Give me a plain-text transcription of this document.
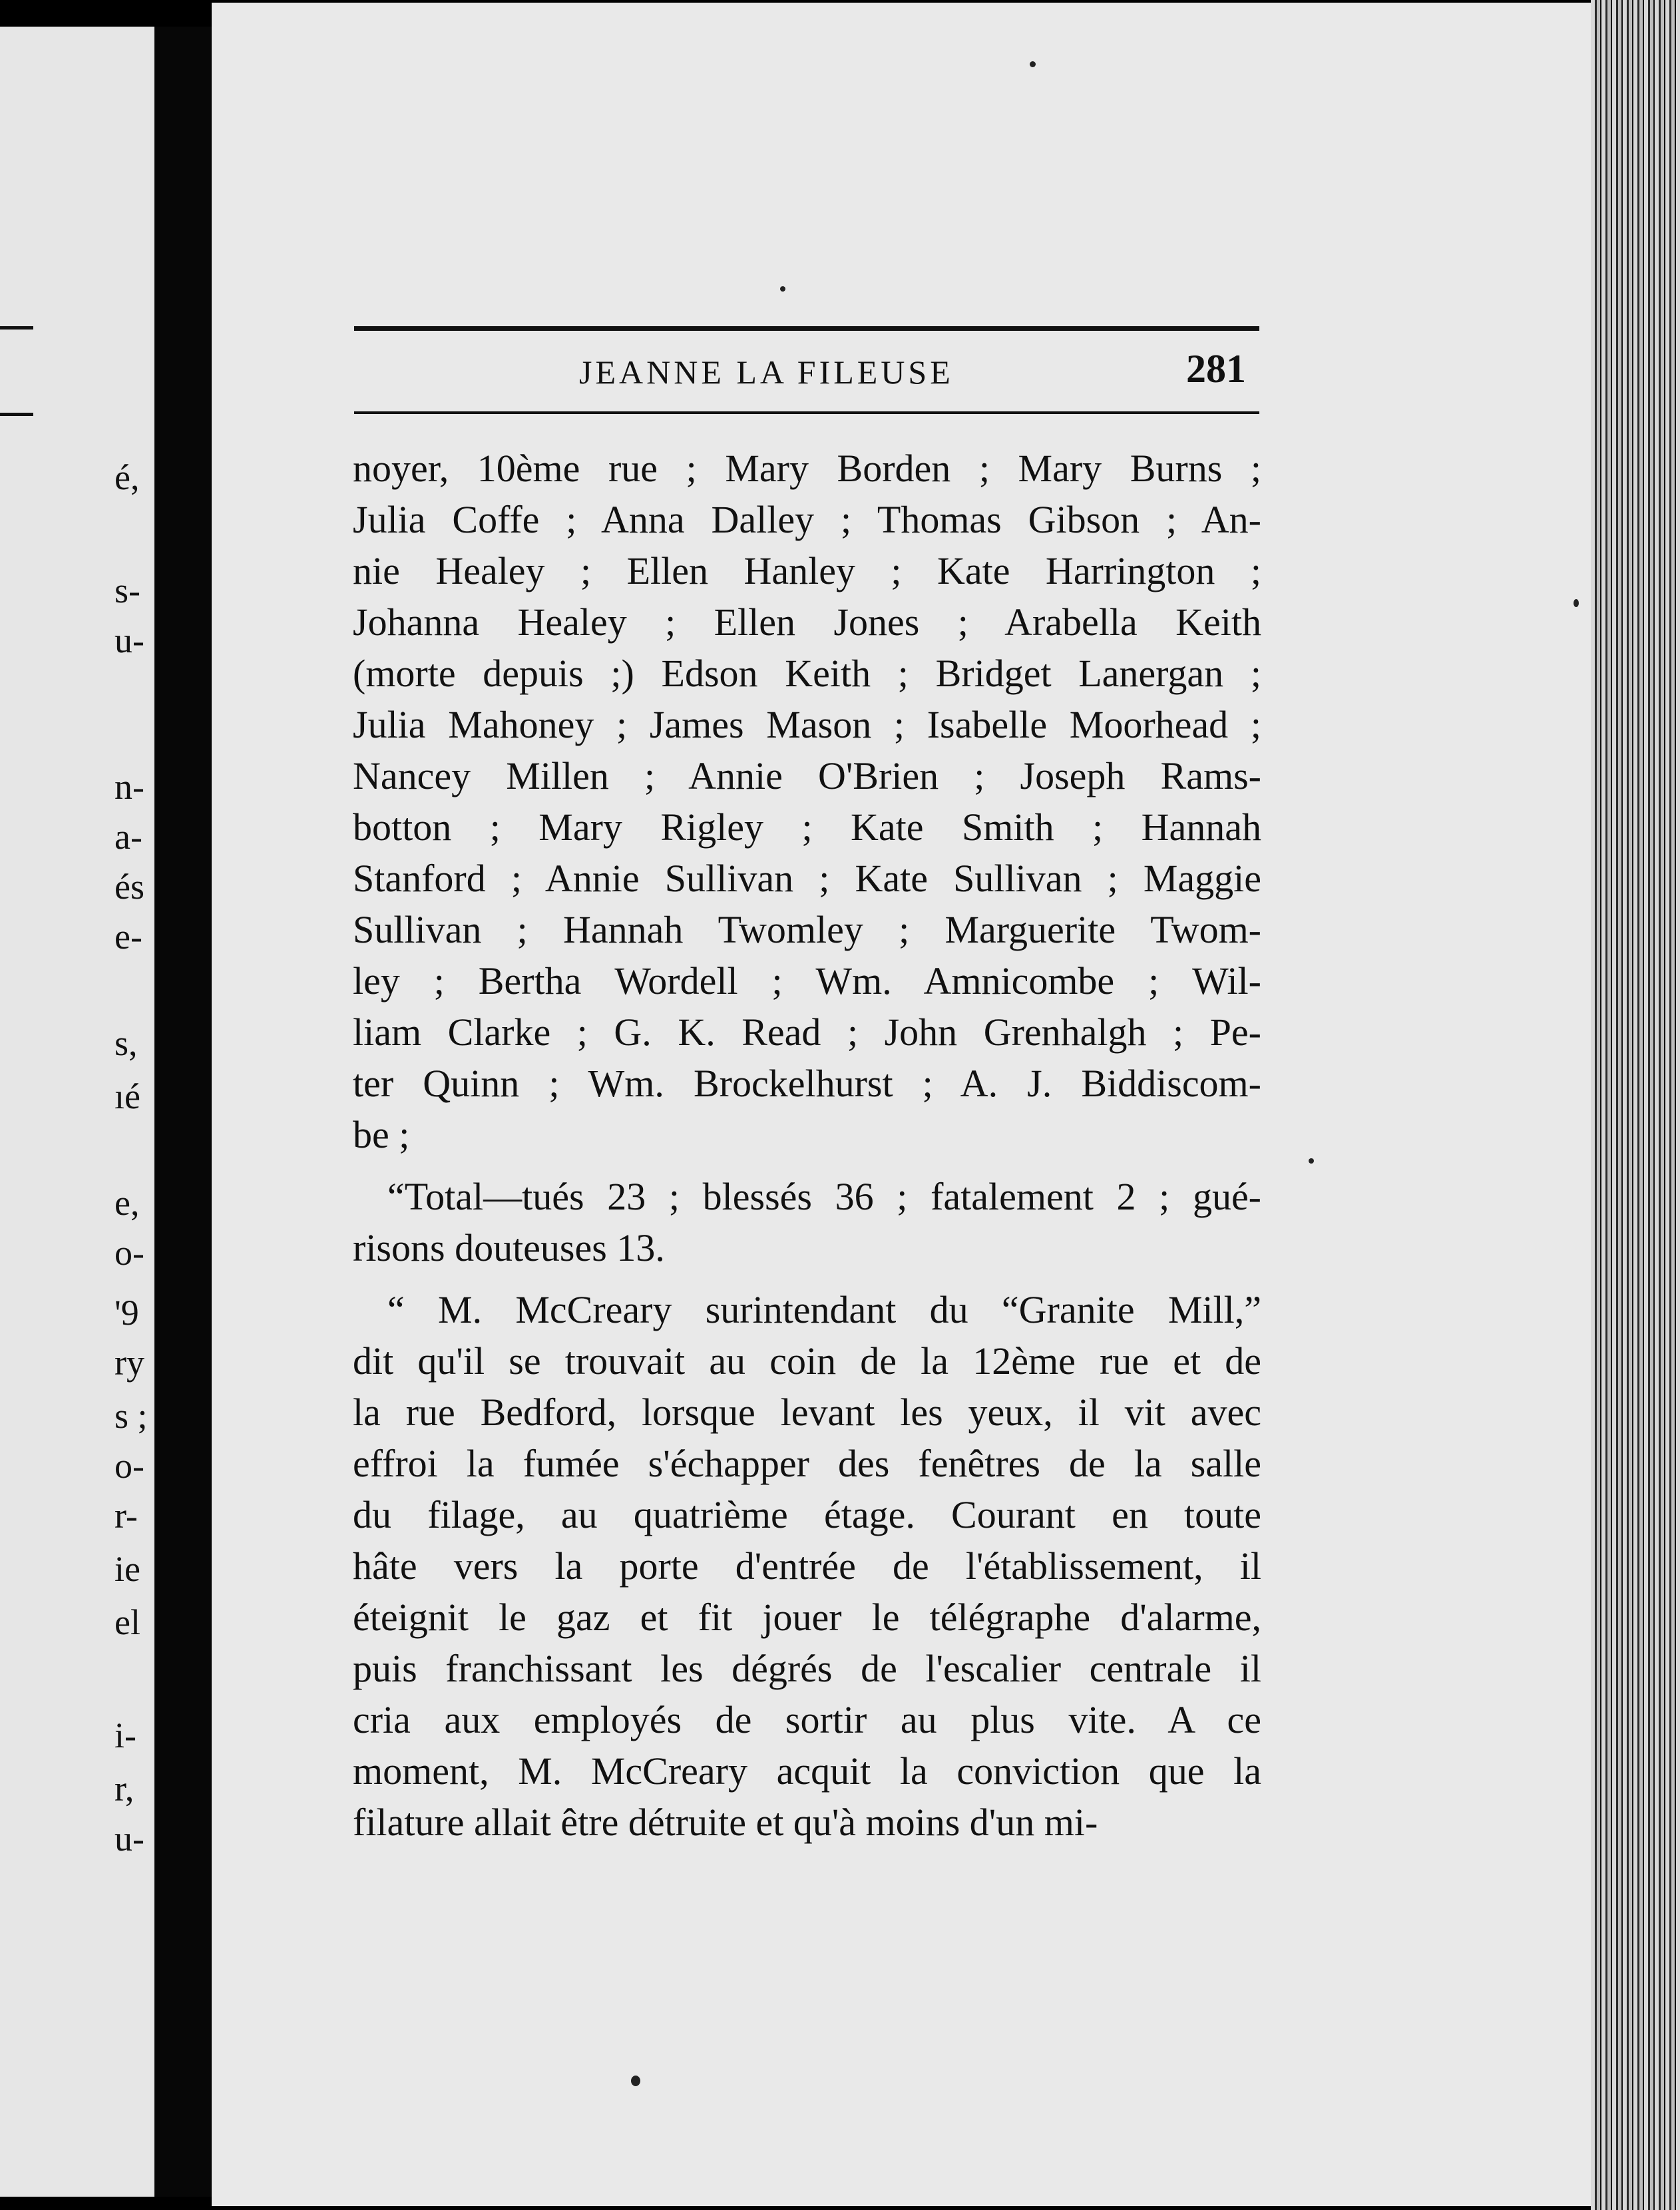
é,
s-
u-
n-
a-
és
e-
s,
ıé
e,
o-
'9
ry
s ;
o-
r-
ie
el
i-
r,
u-
JEANNE LA FILEUSE	281
noyer, 10ème rue ; Mary Borden ; Mary Burns ;
Julia Coffe ; Anna Dalley ; Thomas Gibson ; An-
nie Healey ; Ellen Hanley ; Kate Harrington ;
Johanna Healey ; Ellen Jones ; Arabella Keith
(morte depuis ;) Edson Keith ; Bridget Lanergan ;
Julia Mahoney ; James Mason ; Isabelle Moorhead ;
Nancey Millen ; Annie O'Brien ; Joseph Rams-
botton ; Mary Rigley ; Kate Smith ; Hannah
Stanford ; Annie Sullivan ; Kate Sullivan ; Maggie
Sullivan ; Hannah Twomley ; Marguerite Twom-
ley ; Bertha Wordell ; Wm. Amnicombe ; Wil-
liam Clarke ; G. K. Read ; John Grenhalgh ; Pe-
ter Quinn ; Wm. Brockelhurst ; A. J. Biddiscom-
be ;
“Total—tués 23 ; blessés 36 ; fatalement 2 ; gué-
risons douteuses 13.
“ M. McCreary surintendant du “Granite Mill,”
dit qu'il se trouvait au coin de la 12ème rue et de
la rue Bedford, lorsque levant les yeux, il vit avec
effroi la fumée s'échapper des fenêtres de la salle
du filage, au quatrième étage. Courant en toute
hâte vers la porte d'entrée de l'établissement, il
éteignit le gaz et fit jouer le télégraphe d'alarme,
puis franchissant les dégrés de l'escalier centrale il
cria aux employés de sortir au plus vite. A ce
moment, M. McCreary acquit la conviction que la
filature allait être détruite et qu'à moins d'un mi-
